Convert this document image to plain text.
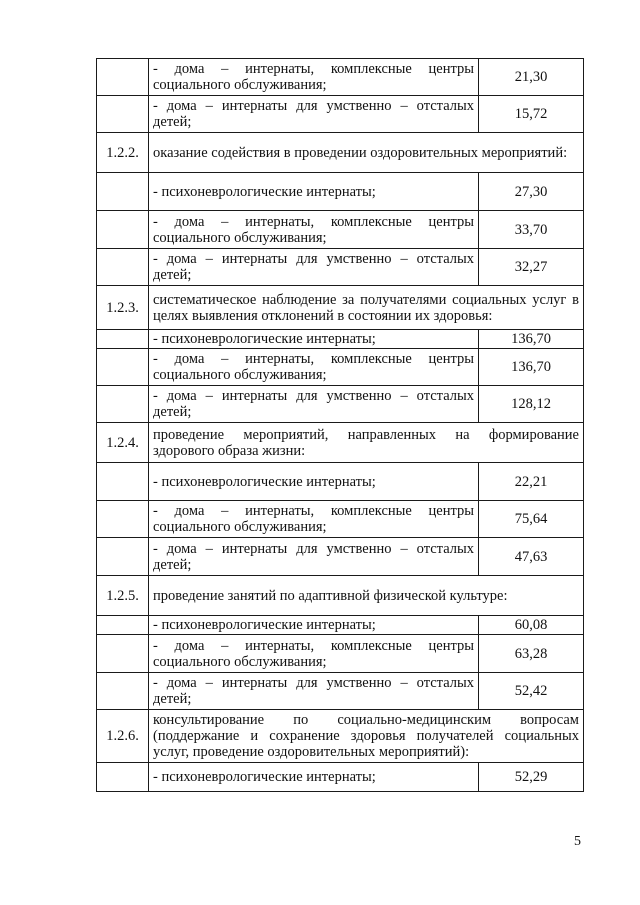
	- дома – интернаты, комплексные центры социального обслуживания;	21,30
	- дома – интернаты для умственно – отсталых детей;	15,72
1.2.2.	оказание содействия в проведении оздоровительных мероприятий:	
	- психоневрологические интернаты;	27,30
	- дома – интернаты, комплексные центры социального обслуживания;	33,70
	- дома – интернаты для умственно – отсталых детей;	32,27
1.2.3.	систематическое наблюдение за получателями социальных услуг в целях выявления отклонений в состоянии их здоровья:	
	- психоневрологические интернаты;	136,70
	- дома – интернаты, комплексные центры социального обслуживания;	136,70
	- дома – интернаты для умственно – отсталых детей;	128,12
1.2.4.	проведение мероприятий, направленных на формирование здорового образа жизни:	
	- психоневрологические интернаты;	22,21
	- дома – интернаты, комплексные центры социального обслуживания;	75,64
	- дома – интернаты для умственно – отсталых детей;	47,63
1.2.5.	проведение занятий по адаптивной физической культуре:	
	- психоневрологические интернаты;	60,08
	- дома – интернаты, комплексные центры социального обслуживания;	63,28
	- дома – интернаты для умственно – отсталых детей;	52,42
1.2.6.	консультирование по социально-медицинским вопросам (поддержание и сохранение здоровья получателей социальных услуг, проведение оздоровительных мероприятий):	
	- психоневрологические интернаты;	52,29
5
